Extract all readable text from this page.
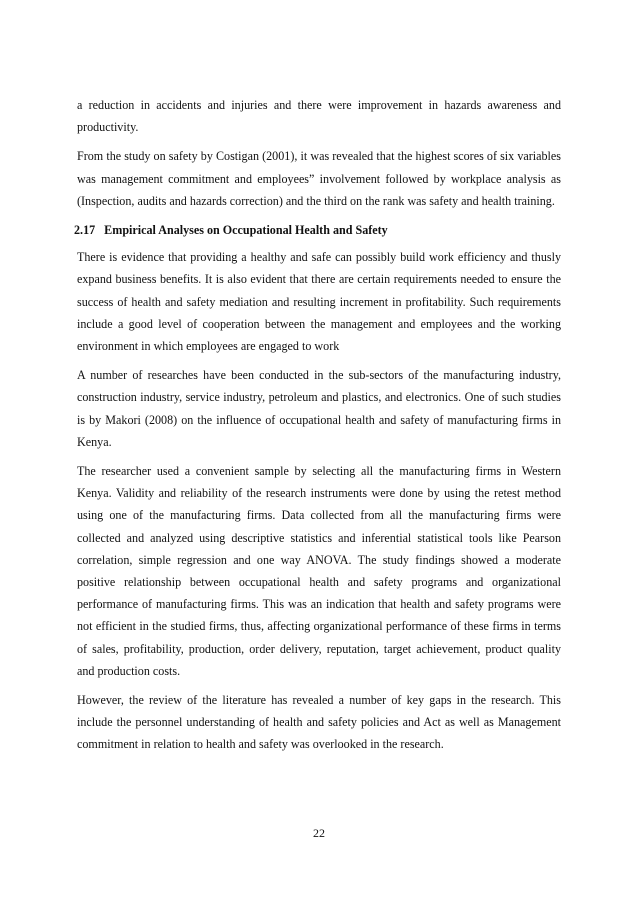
a reduction in accidents and injuries and there were improvement in hazards awareness and productivity.

From the study on safety by Costigan (2001), it was revealed that the highest scores of six variables was management commitment and employees” involvement followed by workplace analysis as (Inspection, audits and hazards correction) and the third on the rank was safety and health training.

2.17 Empirical Analyses on Occupational Health and Safety

There is evidence that providing a healthy and safe can possibly build work efficiency and thusly expand business benefits. It is also evident that there are certain requirements needed to ensure the success of health and safety mediation and resulting increment in profitability. Such requirements include a good level of cooperation between the management and employees and the working environment in which employees are engaged to work

A number of researches have been conducted in the sub-sectors of the manufacturing industry, construction industry, service industry, petroleum and plastics, and electronics. One of such studies is by Makori (2008) on the influence of occupational health and safety of manufacturing firms in Kenya.

The researcher used a convenient sample by selecting all the manufacturing firms in Western Kenya. Validity and reliability of the research instruments were done by using the retest method using one of the manufacturing firms. Data collected from all the manufacturing firms were collected and analyzed using descriptive statistics and inferential statistical tools like Pearson correlation, simple regression and one way ANOVA. The study findings showed a moderate positive relationship between occupational health and safety programs and organizational performance of manufacturing firms. This was an indication that health and safety programs were not efficient in the studied firms, thus, affecting organizational performance of these firms in terms of sales, profitability, production, order delivery, reputation, target achievement, product quality and production costs.

However, the review of the literature has revealed a number of key gaps in the research. This include the personnel understanding of health and safety policies and Act as well as Management commitment in relation to health and safety was overlooked in the research.

22
